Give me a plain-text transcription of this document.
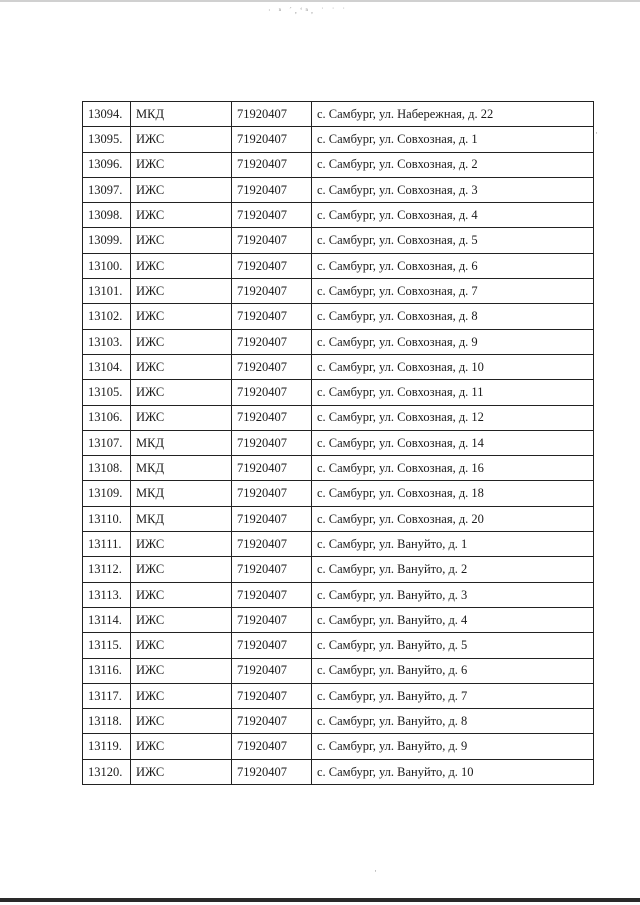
· ⁿ ˊ,ʻⁿ, ˙ ˙ ˙
·
·
13094.	МКД	71920407	с. Самбург, ул. Набережная, д. 22
13095.	ИЖС	71920407	с. Самбург, ул. Совхозная, д. 1
13096.	ИЖС	71920407	с. Самбург, ул. Совхозная, д. 2
13097.	ИЖС	71920407	с. Самбург, ул. Совхозная, д. 3
13098.	ИЖС	71920407	с. Самбург, ул. Совхозная, д. 4
13099.	ИЖС	71920407	с. Самбург, ул. Совхозная, д. 5
13100.	ИЖС	71920407	с. Самбург, ул. Совхозная, д. 6
13101.	ИЖС	71920407	с. Самбург, ул. Совхозная, д. 7
13102.	ИЖС	71920407	с. Самбург, ул. Совхозная, д. 8
13103.	ИЖС	71920407	с. Самбург, ул. Совхозная, д. 9
13104.	ИЖС	71920407	с. Самбург, ул. Совхозная, д. 10
13105.	ИЖС	71920407	с. Самбург, ул. Совхозная, д. 11
13106.	ИЖС	71920407	с. Самбург, ул. Совхозная, д. 12
13107.	МКД	71920407	с. Самбург, ул. Совхозная, д. 14
13108.	МКД	71920407	с. Самбург, ул. Совхозная, д. 16
13109.	МКД	71920407	с. Самбург, ул. Совхозная, д. 18
13110.	МКД	71920407	с. Самбург, ул. Совхозная, д. 20
13111.	ИЖС	71920407	с. Самбург, ул. Вануйто, д. 1
13112.	ИЖС	71920407	с. Самбург, ул. Вануйто, д. 2
13113.	ИЖС	71920407	с. Самбург, ул. Вануйто, д. 3
13114.	ИЖС	71920407	с. Самбург, ул. Вануйто, д. 4
13115.	ИЖС	71920407	с. Самбург, ул. Вануйто, д. 5
13116.	ИЖС	71920407	с. Самбург, ул. Вануйто, д. 6
13117.	ИЖС	71920407	с. Самбург, ул. Вануйто, д. 7
13118.	ИЖС	71920407	с. Самбург, ул. Вануйто, д. 8
13119.	ИЖС	71920407	с. Самбург, ул. Вануйто, д. 9
13120.	ИЖС	71920407	с. Самбург, ул. Вануйто, д. 10
